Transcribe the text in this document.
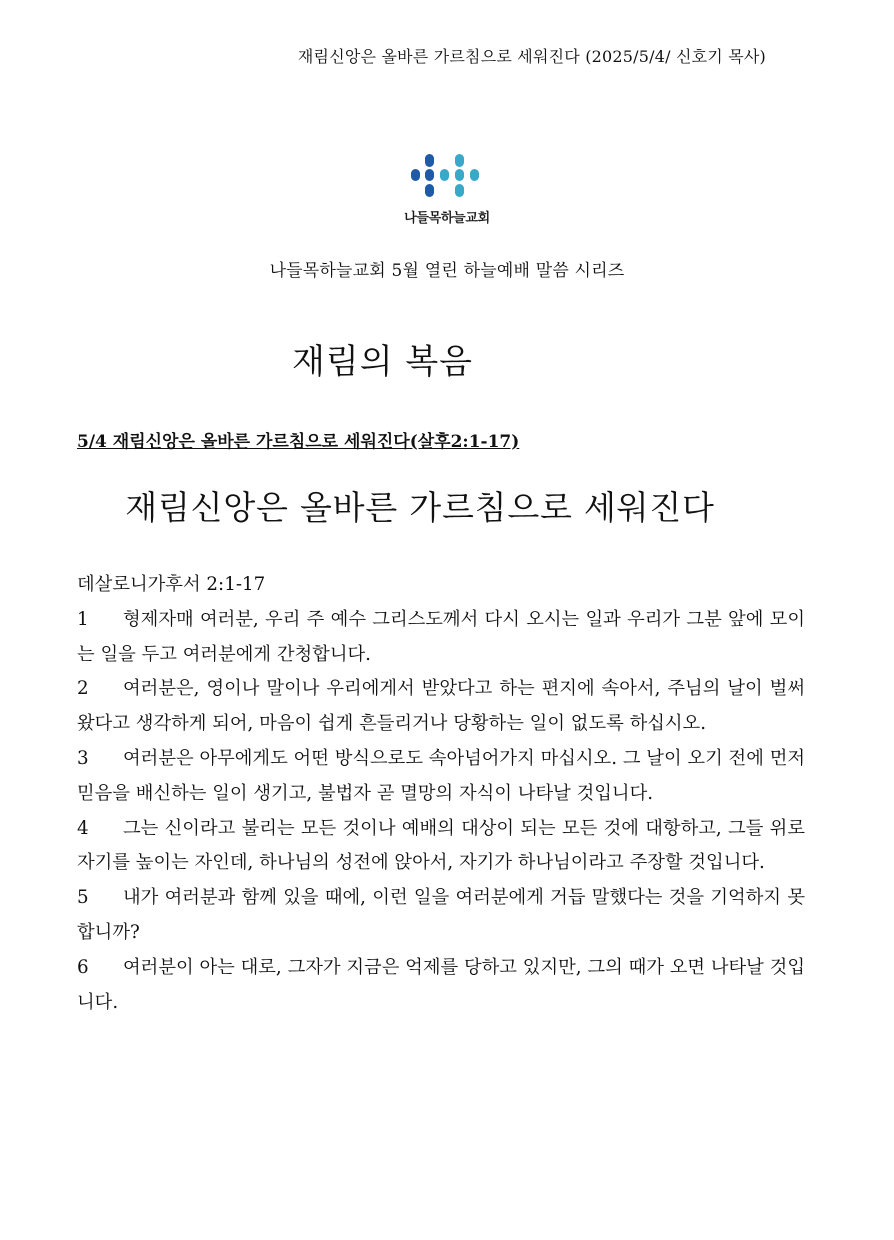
재림신앙은 올바른 가르침으로 세워진다 (2025/5/4/ 신호기 목사)
나들목하늘교회
나들목하늘교회 5월 열린 하늘예배 말씀 시리즈
재림의 복음
5/4 재림신앙은 올바른 가르침으로 세워진다(살후2:1-17)
재림신앙은 올바른 가르침으로 세워진다
데살로니가후서 2:1-17
1 형제자매 여러분, 우리 주 예수 그리스도께서 다시 오시는 일과 우리가 그분 앞에 모이는 일을 두고 여러분에게 간청합니다.
2 여러분은, 영이나 말이나 우리에게서 받았다고 하는 편지에 속아서, 주님의 날이 벌써 왔다고 생각하게 되어, 마음이 쉽게 흔들리거나 당황하는 일이 없도록 하십시오.
3 여러분은 아무에게도 어떤 방식으로도 속아넘어가지 마십시오. 그 날이 오기 전에 먼저 믿음을 배신하는 일이 생기고, 불법자 곧 멸망의 자식이 나타날 것입니다.
4 그는 신이라고 불리는 모든 것이나 예배의 대상이 되는 모든 것에 대항하고, 그들 위로 자기를 높이는 자인데, 하나님의 성전에 앉아서, 자기가 하나님이라고 주장할 것입니다.
5 내가 여러분과 함께 있을 때에, 이런 일을 여러분에게 거듭 말했다는 것을 기억하지 못합니까?
6 여러분이 아는 대로, 그자가 지금은 억제를 당하고 있지만, 그의 때가 오면 나타날 것입니다.
